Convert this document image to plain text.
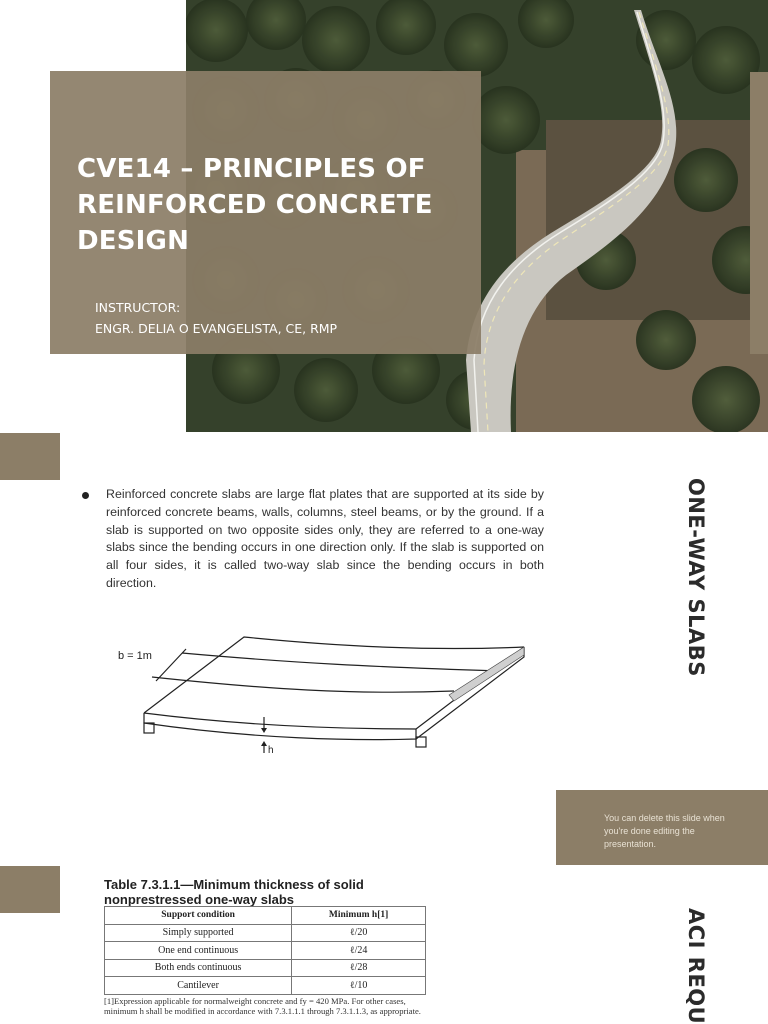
CVE14 – PRINCIPLES OF REINFORCED CONCRETE DESIGN
INSTRUCTOR:
ENGR. DELIA O EVANGELISTA, CE, RMP
Reinforced concrete slabs are large flat plates that are supported at its side by reinforced concrete beams, walls, columns, steel beams, or by the ground. If a slab is supported on two opposite sides only, they are referred to a one-way slabs since the bending occurs in one direction only. If the slab is supported on all four sides, it is called two-way slab since the bending occurs in both direction.
b = 1m
h
ONE-WAY SLABS
You can delete this slide when you're done editing the presentation.
Table 7.3.1.1—Minimum thickness of solid nonprestressed one-way slabs
Support condition	Minimum h[1]
Simply supported	ℓ/20
One end continuous	ℓ/24
Both ends continuous	ℓ/28
Cantilever	ℓ/10
[1]Expression applicable for normalweight concrete and fy = 420 MPa. For other cases, minimum h shall be modified in accordance with 7.3.1.1.1 through 7.3.1.1.3, as appropriate.	ACI REQU
